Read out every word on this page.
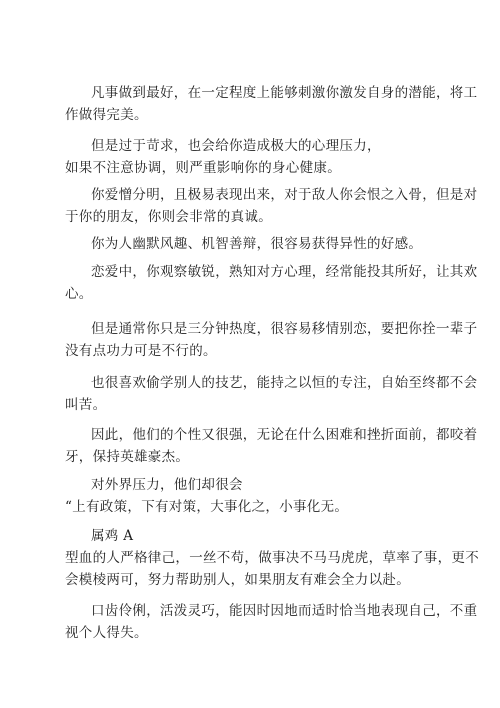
凡事做到最好，在一定程度上能够刺激你激发自身的潜能，将工
作做得完美。

但是过于苛求，也会给你造成极大的心理压力，
如果不注意协调，则严重影响你的身心健康。

你爱憎分明，且极易表现出来，对于敌人你会恨之入骨，但是对
于你的朋友，你则会非常的真诚。

你为人幽默风趣、机智善辩，很容易获得异性的好感。

恋爱中，你观察敏锐，熟知对方心理，经常能投其所好，让其欢
心。

但是通常你只是三分钟热度，很容易移情别恋，要把你拴一辈子
没有点功力可是不行的。

也很喜欢偷学别人的技艺，能持之以恒的专注，自始至终都不会
叫苦。

因此，他们的个性又很强，无论在什么困难和挫折面前，都咬着
牙，保持英雄豪杰。

对外界压力，他们却很会
“上有政策，下有对策，大事化之，小事化无。

属鸡 A
型血的人严格律己，一丝不苟，做事决不马马虎虎，草率了事，更不
会模棱两可，努力帮助别人，如果朋友有难会全力以赴。

口齿伶俐，活泼灵巧，能因时因地而适时恰当地表现自己，不重
视个人得失。
